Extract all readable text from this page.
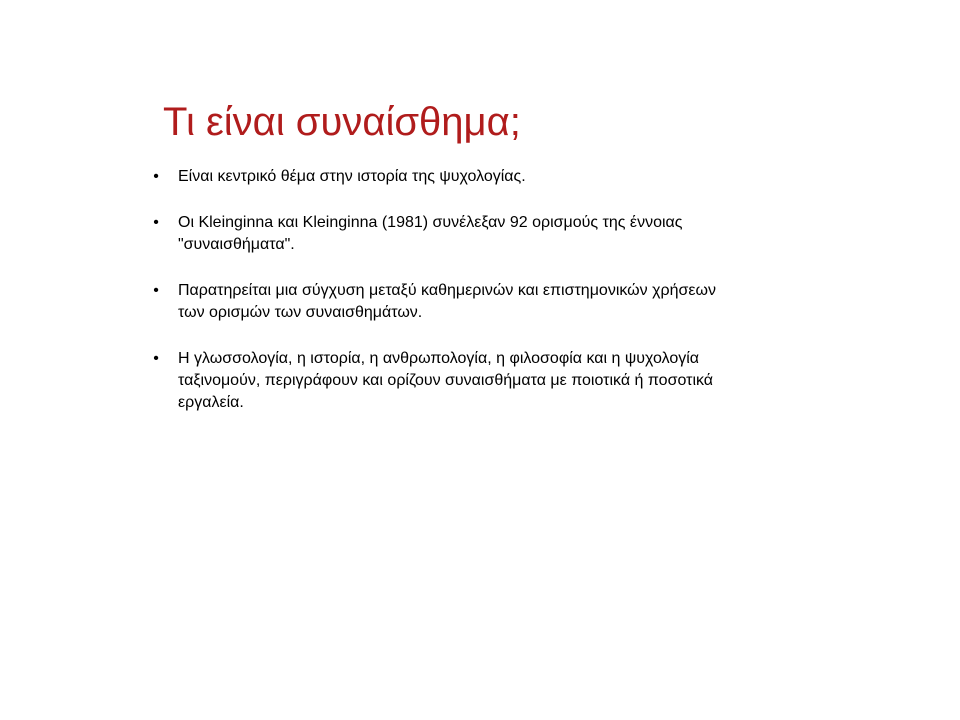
Τι είναι συναίσθημα;
•	Είναι κεντρικό θέμα στην ιστορία της ψυχολογίας.
•	Οι Kleinginna και Kleinginna (1981) συνέλεξαν 92 ορισμούς της έννοιας
"συναισθήματα".
•	Παρατηρείται μια σύγχυση μεταξύ καθημερινών και επιστημονικών χρήσεων
των ορισμών των συναισθημάτων.
•	Η γλωσσολογία, η ιστορία, η ανθρωπολογία, η φιλοσοφία και η ψυχολογία
ταξινομούν, περιγράφουν και ορίζουν συναισθήματα με ποιοτικά ή ποσοτικά
εργαλεία.
